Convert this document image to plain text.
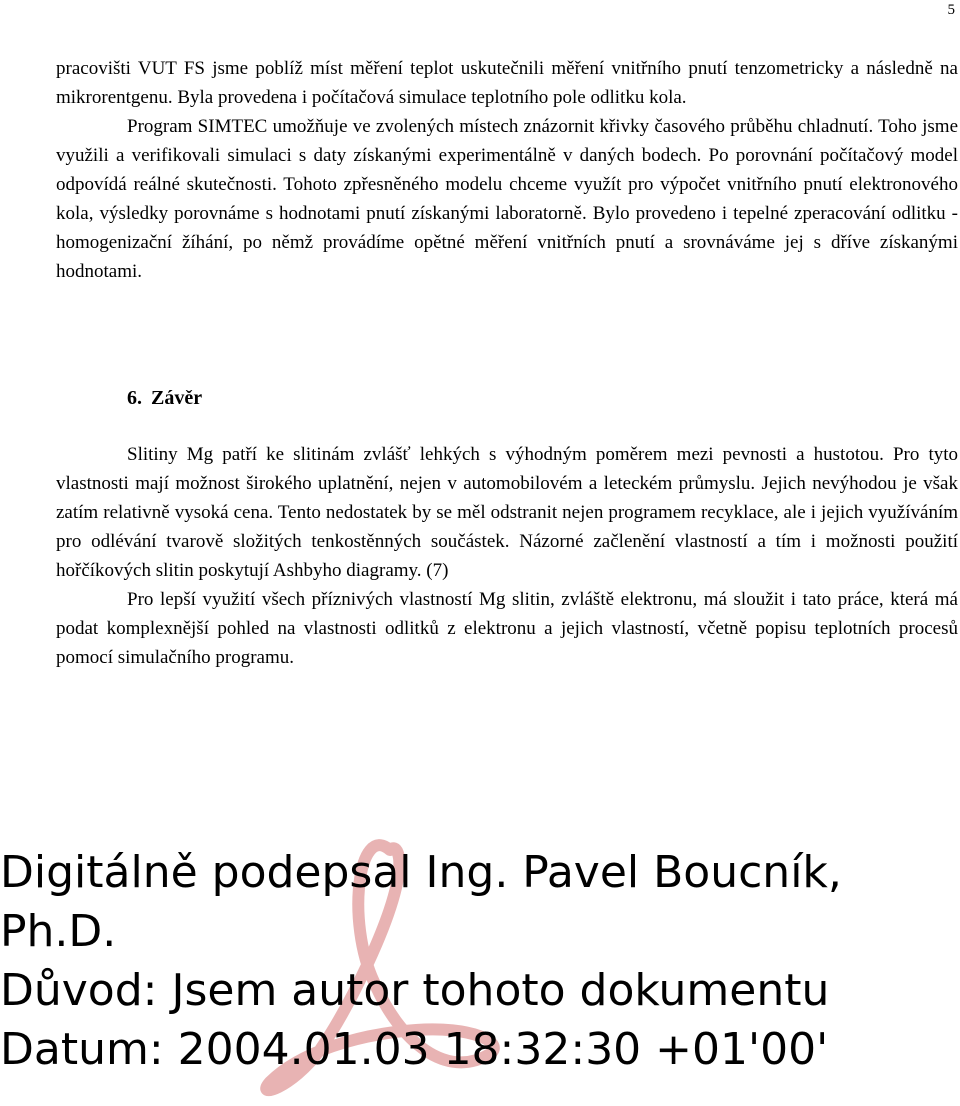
5

pracovišti VUT FS jsme poblíž míst měření teplot uskutečnili měření vnitřního pnutí tenzometricky a následně na mikrorentgenu. Byla provedena i počítačová simulace teplotního pole odlitku kola.

Program SIMTEC umožňuje ve zvolených místech znázornit křivky časového průběhu chladnutí. Toho jsme využili a verifikovali simulaci s daty získanými experimentálně v daných bodech. Po porovnání počítačový model odpovídá reálné skutečnosti. Tohoto zpřesněného modelu chceme využít pro výpočet vnitřního pnutí elektronového kola, výsledky porovnáme s hodnotami pnutí získanými laboratorně. Bylo provedeno i tepelné zperacování odlitku - homogenizační žíhání, po němž provádíme opětné měření vnitřních pnutí a srovnáváme jej s dříve získanými hodnotami.

6. Závěr

Slitiny Mg patří ke slitinám zvlášť lehkých s výhodným poměrem mezi pevnosti a hustotou. Pro tyto vlastnosti mají možnost širokého uplatnění, nejen v automobilovém a leteckém průmyslu. Jejich nevýhodou je však zatím relativně vysoká cena. Tento nedostatek by se měl odstranit nejen programem recyklace, ale i jejich využíváním pro odlévání tvarově složitých tenkostěnných součástek. Názorné začlenění vlastností a tím i možnosti použití hořčíkových slitin poskytují Ashbyho diagramy. (7)

Pro lepší využití všech příznivých vlastností Mg slitin, zvláště elektronu, má sloužit i tato práce, která má podat komplexnější pohled na vlastnosti odlitků z elektronu a jejich vlastností, včetně popisu teplotních procesů pomocí simulačního programu.

Digitálně podepsal Ing. Pavel Boucník,
Ph.D.
Důvod: Jsem autor tohoto dokumentu
Datum: 2004.01.03 18:32:30 +01'00'
